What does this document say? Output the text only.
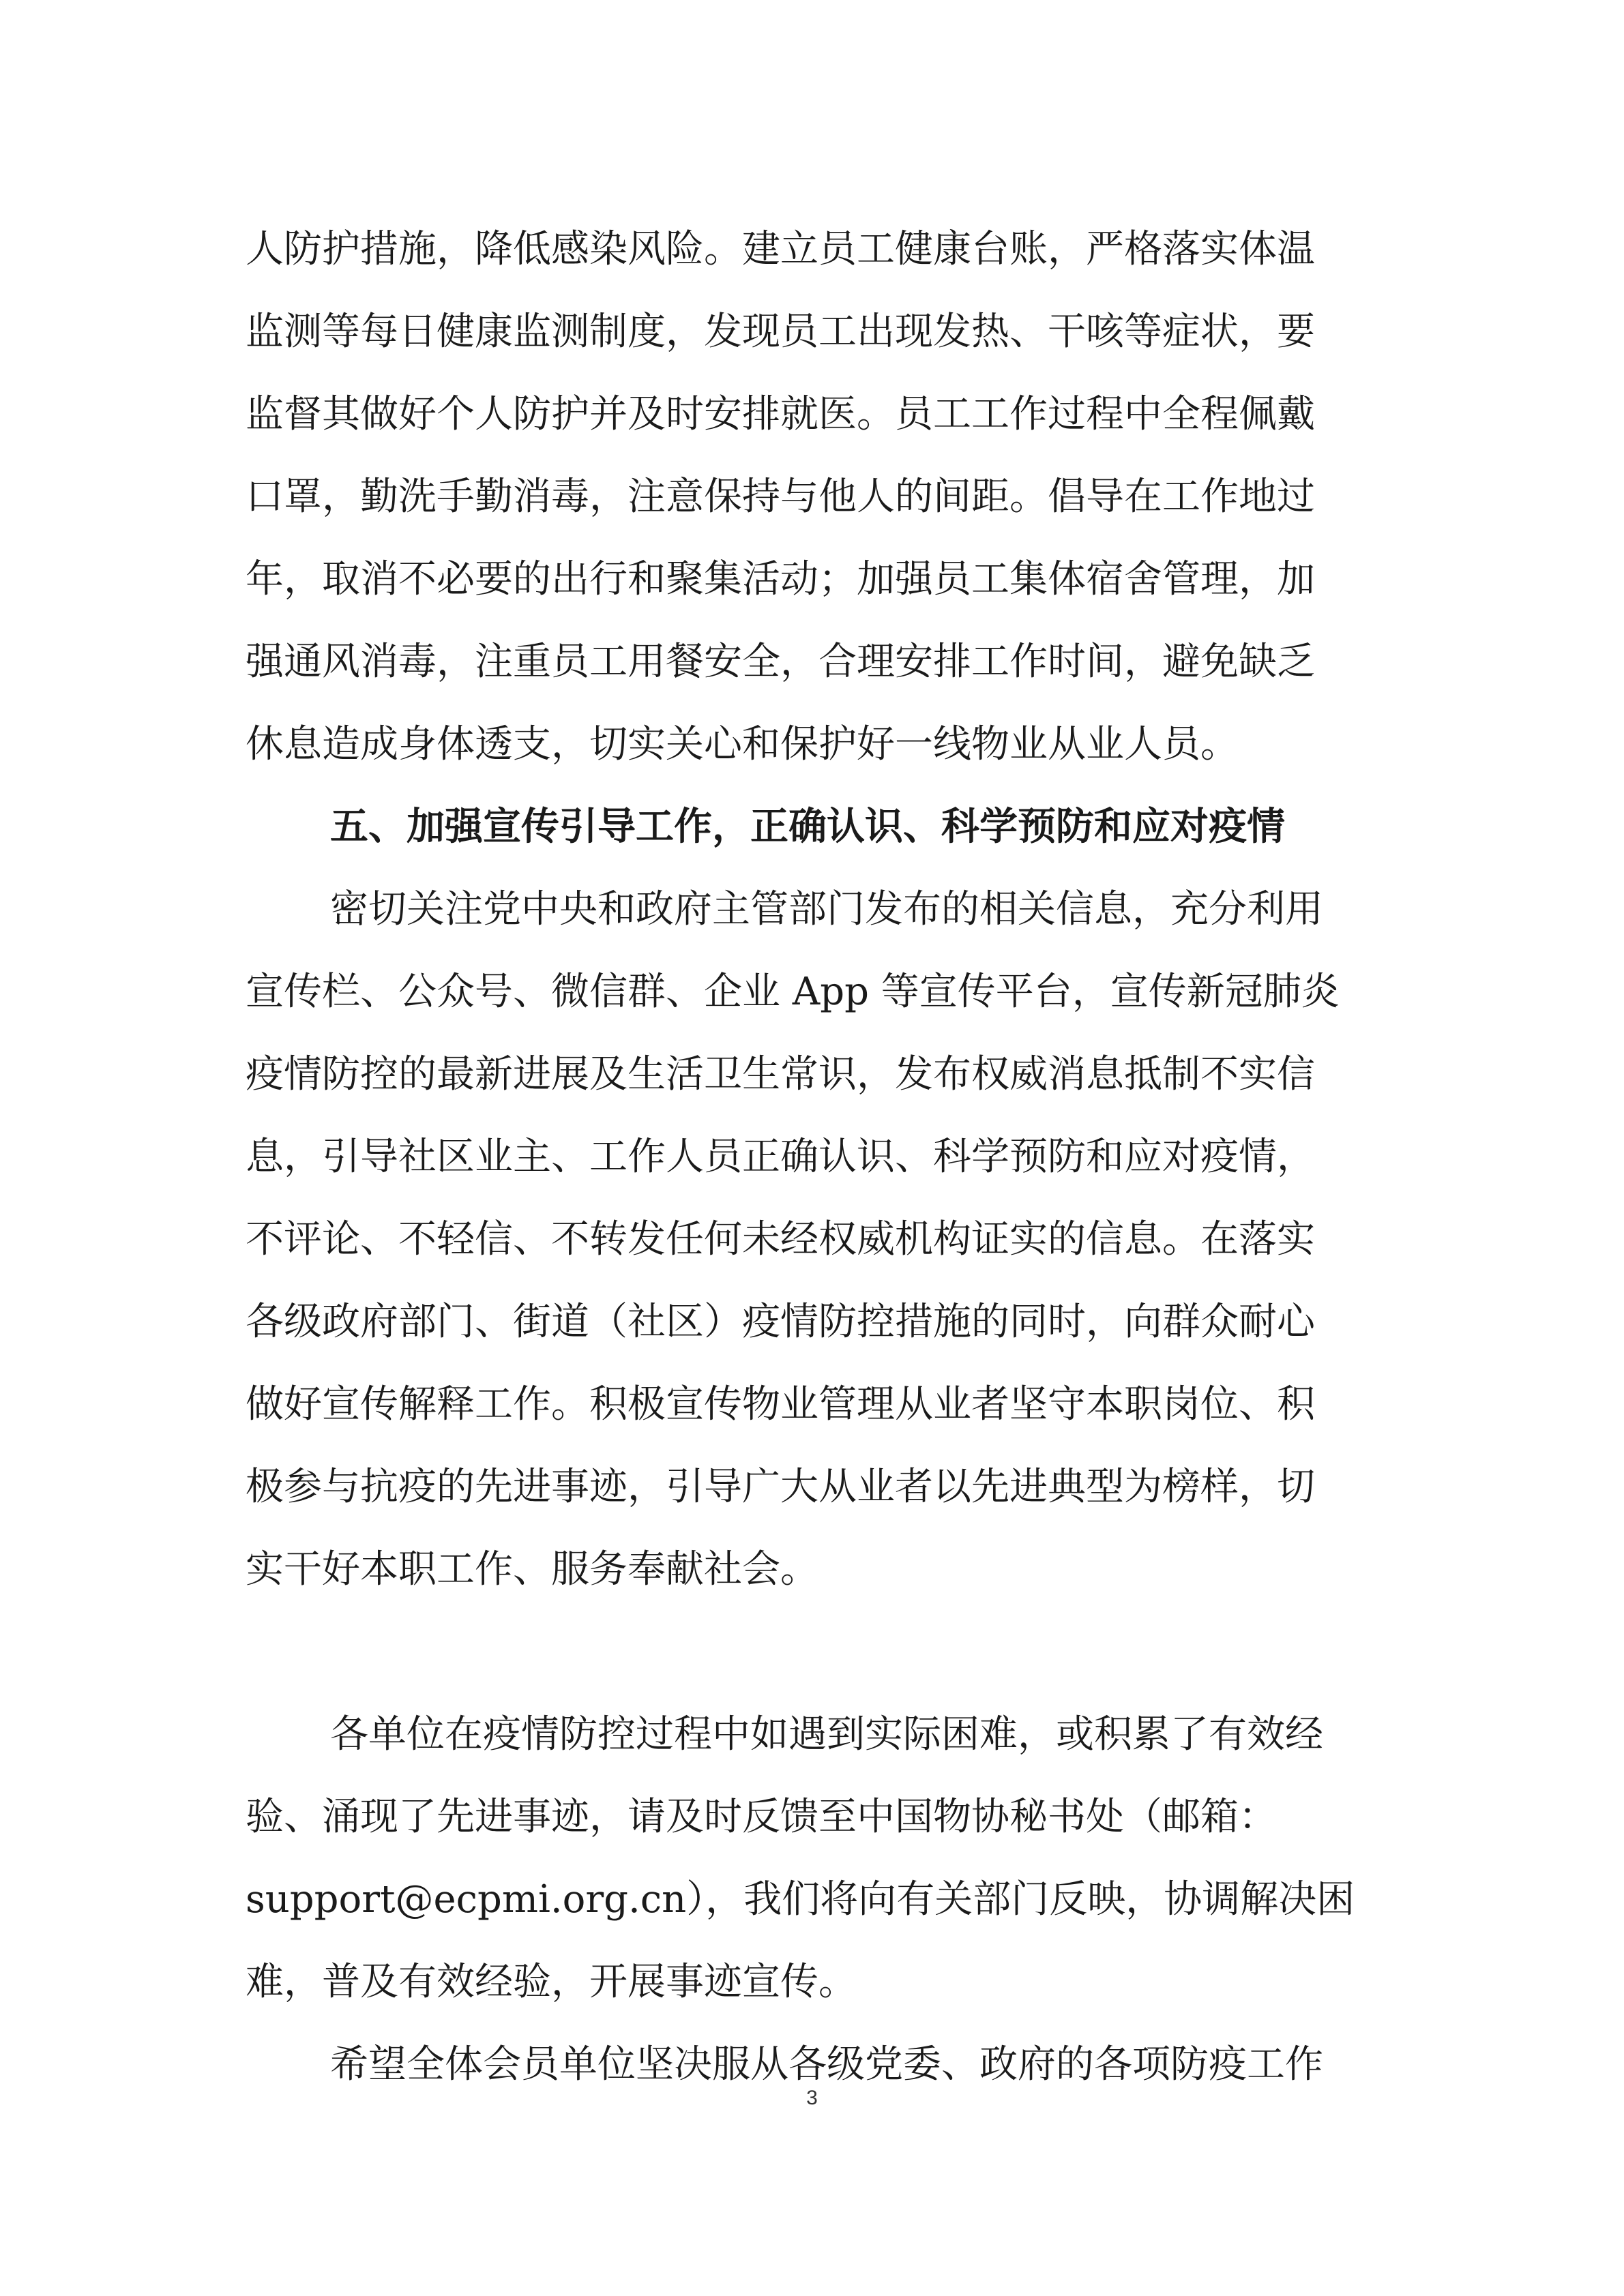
人防护措施，降低感染风险。建立员工健康台账，严格落实体温
监测等每日健康监测制度，发现员工出现发热、干咳等症状，要
监督其做好个人防护并及时安排就医。员工工作过程中全程佩戴
口罩，勤洗手勤消毒，注意保持与他人的间距。倡导在工作地过
年，取消不必要的出行和聚集活动；加强员工集体宿舍管理，加
强通风消毒，注重员工用餐安全，合理安排工作时间，避免缺乏
休息造成身体透支，切实关心和保护好一线物业从业人员。
五、加强宣传引导工作，正确认识、科学预防和应对疫情
密切关注党中央和政府主管部门发布的相关信息，充分利用
宣传栏、公众号、微信群、企业 App 等宣传平台，宣传新冠肺炎
疫情防控的最新进展及生活卫生常识，发布权威消息抵制不实信
息，引导社区业主、工作人员正确认识、科学预防和应对疫情，
不评论、不轻信、不转发任何未经权威机构证实的信息。在落实
各级政府部门、街道（社区）疫情防控措施的同时，向群众耐心
做好宣传解释工作。积极宣传物业管理从业者坚守本职岗位、积
极参与抗疫的先进事迹，引导广大从业者以先进典型为榜样，切
实干好本职工作、服务奉献社会。
各单位在疫情防控过程中如遇到实际困难，或积累了有效经
验、涌现了先进事迹，请及时反馈至中国物协秘书处（邮箱：
support@ecpmi.org.cn），我们将向有关部门反映，协调解决困
难，普及有效经验，开展事迹宣传。
希望全体会员单位坚决服从各级党委、政府的各项防疫工作
3
